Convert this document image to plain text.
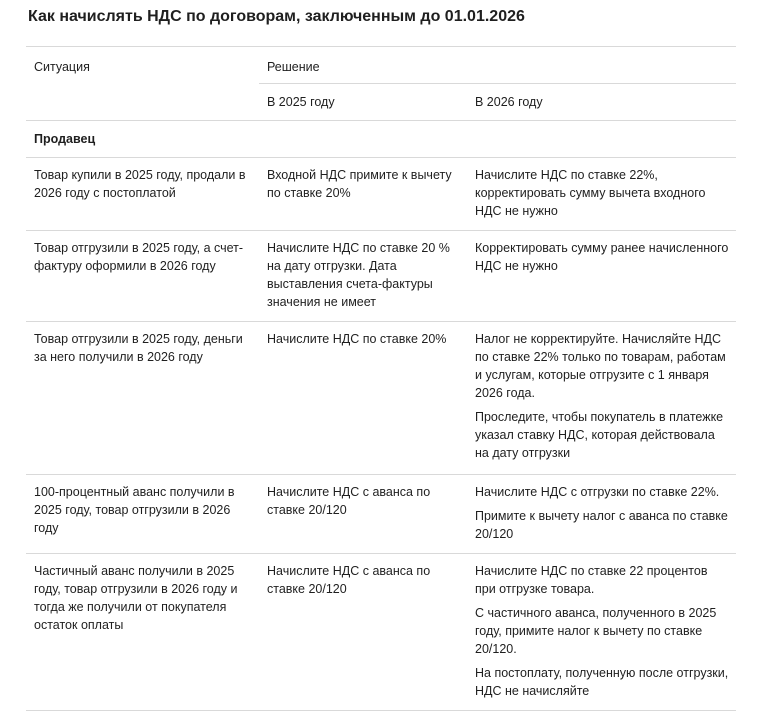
Как начислять НДС по договорам, заключенным до 01.01.2026
Ситуация	Решение	
	В 2025 году	В 2026 году
Продавец		
Товар купили в 2025 году, продали в 2026 году с постоплатой	Входной НДС примите к вычету по ставке 20%	Начислите НДС по ставке 22%, корректировать сумму вычета входного НДС не нужно

Товар отгрузили в 2025 году, а счет-фактуру оформили в 2026 году	Начислите НДС по ставке 20 % на дату отгрузки. Дата выставления счета-фактуры значения не имеет	Корректировать сумму ранее начисленного НДС не нужно

Товар отгрузили в 2025 году, деньги за него получили в 2026 году	Начислите НДС по ставке 20%	Налог не корректируйте. Начисляйте НДС по ставке 22% только по товарам, работам и услугам, которые отгрузите с 1 января 2026 года.

Проследите, чтобы покупатель в платежке указал ставку НДС, которая действовала на дату отгрузки

100-процентный аванс получили в 2025 году, товар отгрузили в 2026 году	Начислите НДС с аванса по ставке 20/120	Начислите НДС с отгрузки по ставке 22%.

Примите к вычету налог с аванса по ставке 20/120

Частичный аванс получили в 2025 году, товар отгрузили в 2026 году и тогда же получили от покупателя остаток оплаты	Начислите НДС с аванса по ставке 20/120	Начислите НДС по ставке 22 процентов при отгрузке товара.

С частичного аванса, полученного в 2025 году, примите налог к вычету по ставке 20/120.

На постоплату, полученную после отгрузки, НДС не начисляйте
